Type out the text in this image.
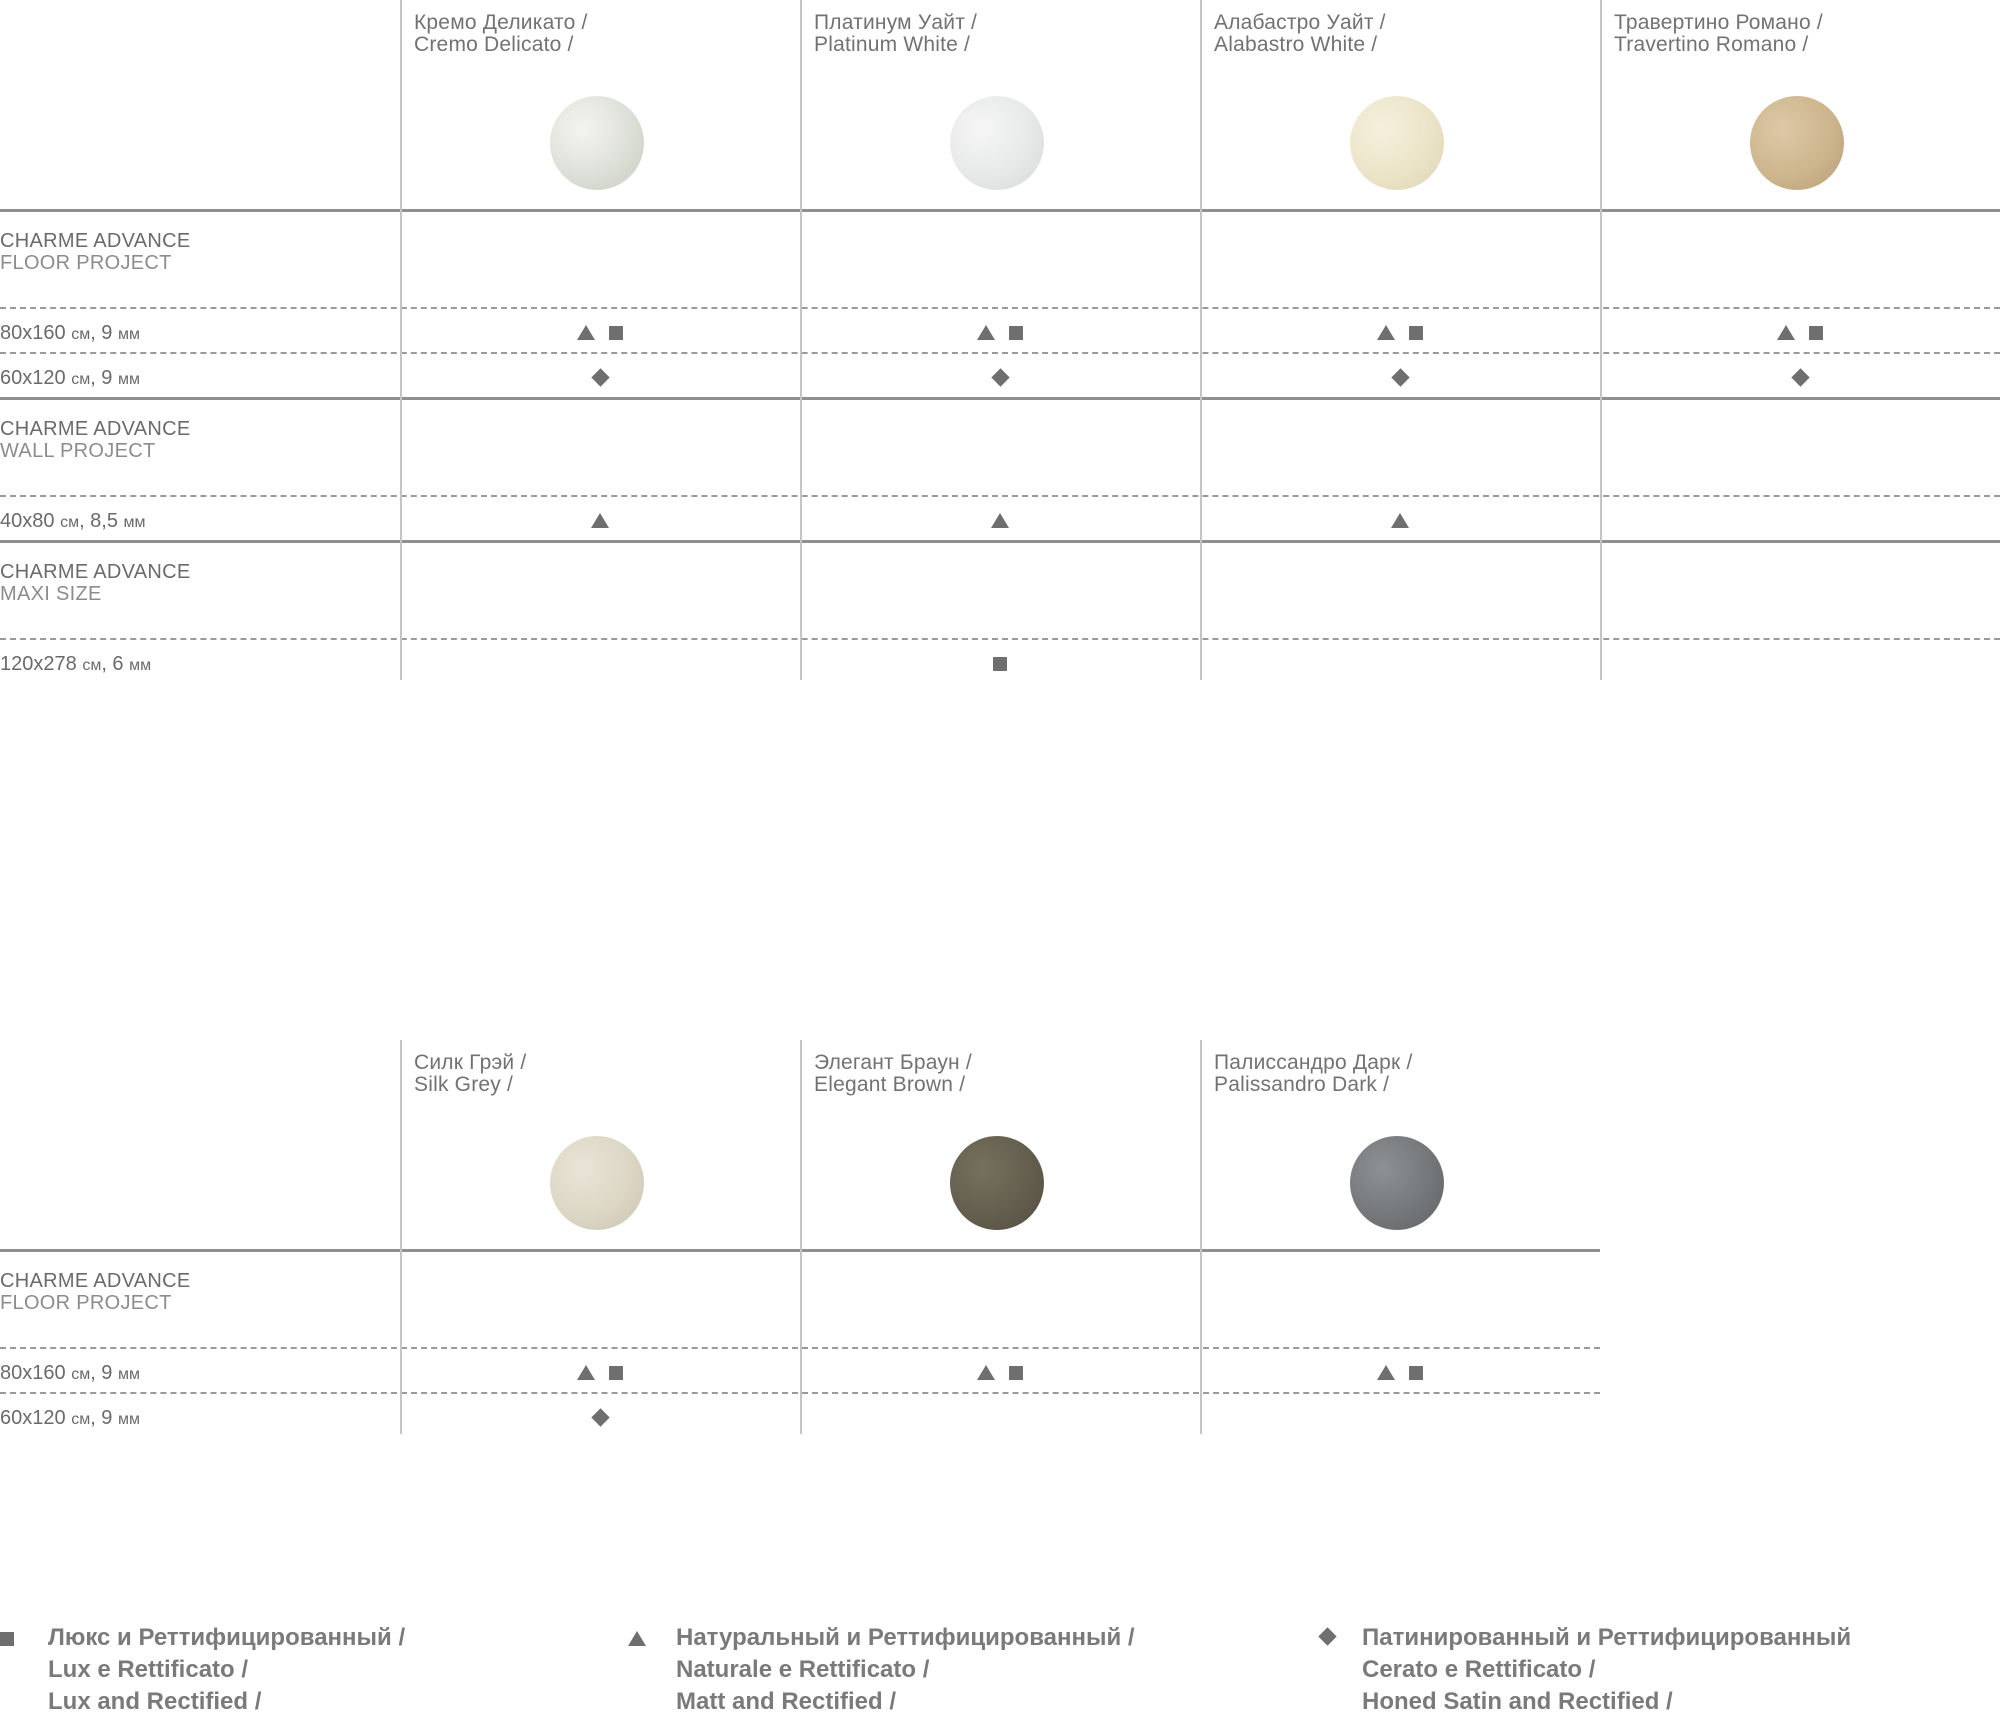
Кремо Деликато /
Cremo Delicato /
Платинум Уайт /
Platinum White /
Алабастро Уайт /
Alabastro White /
Травертино Романо /
Travertino Romano /
CHARME ADVANCE
FLOOR PROJECT
80x160 см, 9 мм
60x120 см, 9 мм
CHARME ADVANCE
WALL PROJECT
40x80 см, 8,5 мм
CHARME ADVANCE
MAXI SIZE
120x278 см, 6 мм
Силк Грэй /
Silk Grey /
Элегант Браун /
Elegant Brown /
Палиссандро Дарк /
Palissandro Dark /
CHARME ADVANCE
FLOOR PROJECT
80x160 см, 9 мм
60x120 см, 9 мм
Люкс и Реттифицированный /
Lux e Rettificato /
Lux and Rectified /
Натуральный и Реттифицированный /
Naturale e Rettificato /
Matt and Rectified /
Патинированный и Реттифицированный
Cerato e Rettificato /
Honed Satin and Rectified /
